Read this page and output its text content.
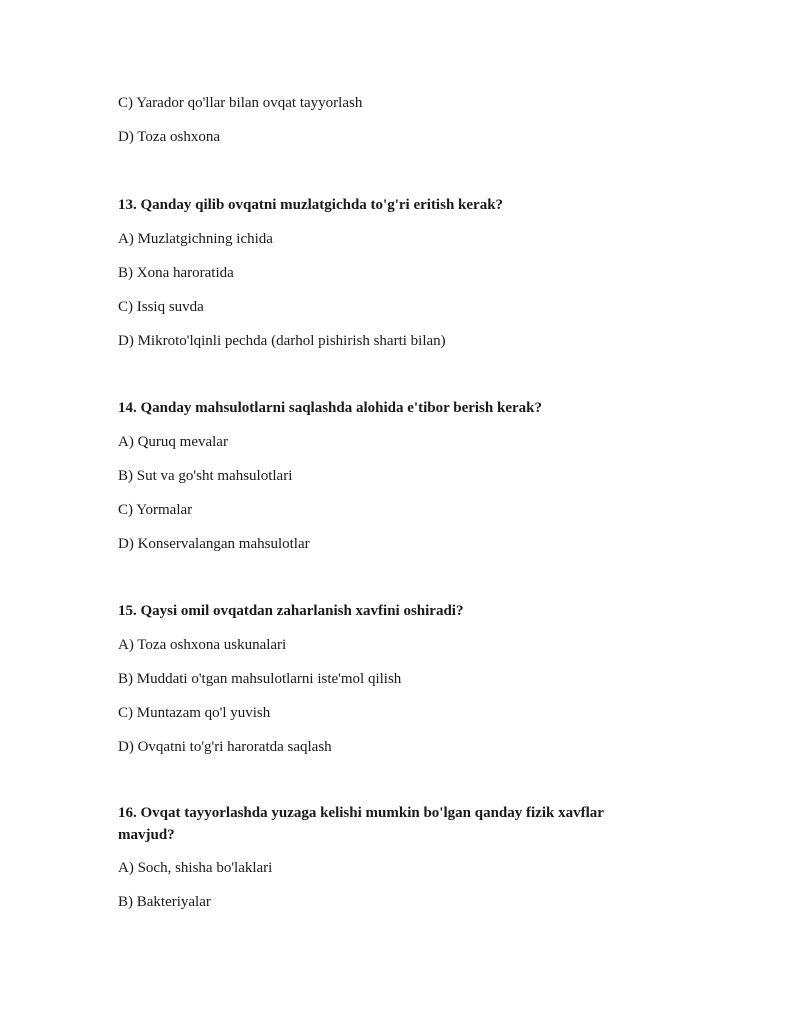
C) Yarador qo'llar bilan ovqat tayyorlash
D) Toza oshxona
13. Qanday qilib ovqatni muzlatgichda to'g'ri eritish kerak?
A) Muzlatgichning ichida
B) Xona haroratida
C) Issiq suvda
D) Mikroto'lqinli pechda (darhol pishirish sharti bilan)
14. Qanday mahsulotlarni saqlashda alohida e'tibor berish kerak?
A) Quruq mevalar
B) Sut va go'sht mahsulotlari
C) Yormalar
D) Konservalangan mahsulotlar
15. Qaysi omil ovqatdan zaharlanish xavfini oshiradi?
A) Toza oshxona uskunalari
B) Muddati o'tgan mahsulotlarni iste'mol qilish
C) Muntazam qo'l yuvish
D) Ovqatni to'g'ri haroratda saqlash
16. Ovqat tayyorlashda yuzaga kelishi mumkin bo'lgan qanday fizik xavflar mavjud?
A) Soch, shisha bo'laklari
B) Bakteriyalar
